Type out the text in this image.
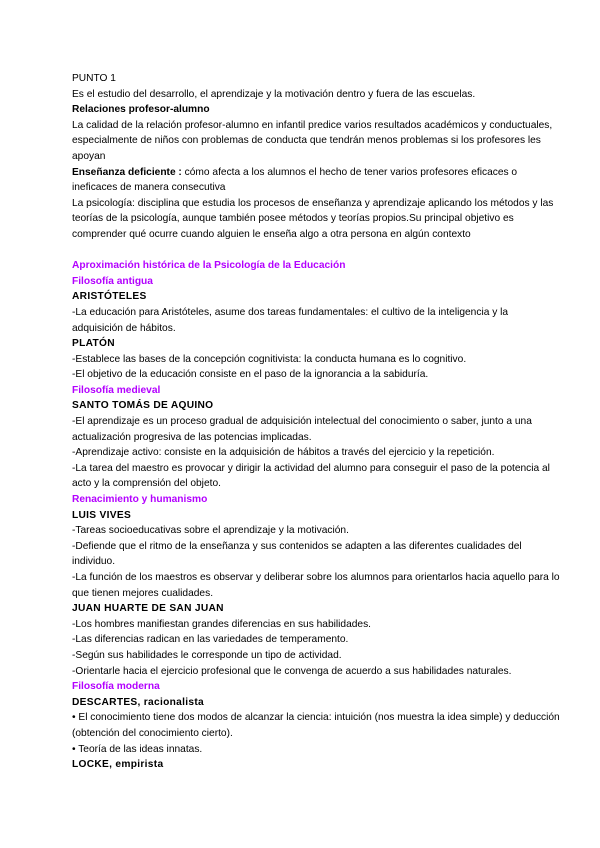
PUNTO 1

Es el estudio del desarrollo, el aprendizaje y la motivación dentro y fuera de las escuelas.

Relaciones profesor-alumno

La calidad de la relación profesor-alumno en infantil predice varios resultados académicos y conductuales, especialmente de niños con problemas de conducta que tendrán menos problemas si los profesores les apoyan

Enseñanza deficiente : cómo afecta a los alumnos el hecho de tener varios profesores eficaces o ineficaces de manera consecutiva

La psicología: disciplina que estudia los procesos de enseñanza y aprendizaje aplicando los métodos y las teorías de la psicología, aunque también posee métodos y teorías propios.Su principal objetivo es comprender qué ocurre cuando alguien le enseña algo a otra persona en algún contexto

Aproximación histórica de la Psicología de la Educación

Filosofía antigua

ARISTÓTELES

-La educación para Aristóteles, asume dos tareas fundamentales: el cultivo de la inteligencia y la adquisición de hábitos.

PLATÓN

-Establece las bases de la concepción cognitivista: la conducta humana es lo cognitivo.

-El objetivo de la educación consiste en el paso de la ignorancia a la sabiduría.

Filosofía medieval

SANTO TOMÁS DE AQUINO

-El aprendizaje es un proceso gradual de adquisición intelectual del conocimiento o saber, junto a una actualización progresiva de las potencias implicadas.

-Aprendizaje activo: consiste en la adquisición de hábitos a través del ejercicio y la repetición.

-La tarea del maestro es provocar y dirigir la actividad del alumno para conseguir el paso de la potencia al acto y la comprensión del objeto.

Renacimiento y humanismo

LUIS VIVES

-Tareas socioeducativas sobre el aprendizaje y la motivación.

-Defiende que el ritmo de la enseñanza y sus contenidos se adapten a las diferentes cualidades del individuo.

-La función de los maestros es observar y deliberar sobre los alumnos para orientarlos hacia aquello para lo que tienen mejores cualidades.

JUAN HUARTE DE SAN JUAN

-Los hombres manifiestan grandes diferencias en sus habilidades.

-Las diferencias radican en las variedades de temperamento.

-Según sus habilidades le corresponde un tipo de actividad.

-Orientarle hacia el ejercicio profesional que le convenga de acuerdo a sus habilidades naturales.

Filosofía moderna

DESCARTES, racionalista

• El conocimiento tiene dos modos de alcanzar la ciencia: intuición (nos muestra la idea simple) y deducción (obtención del conocimiento cierto).

• Teoría de las ideas innatas.

LOCKE, empirista
